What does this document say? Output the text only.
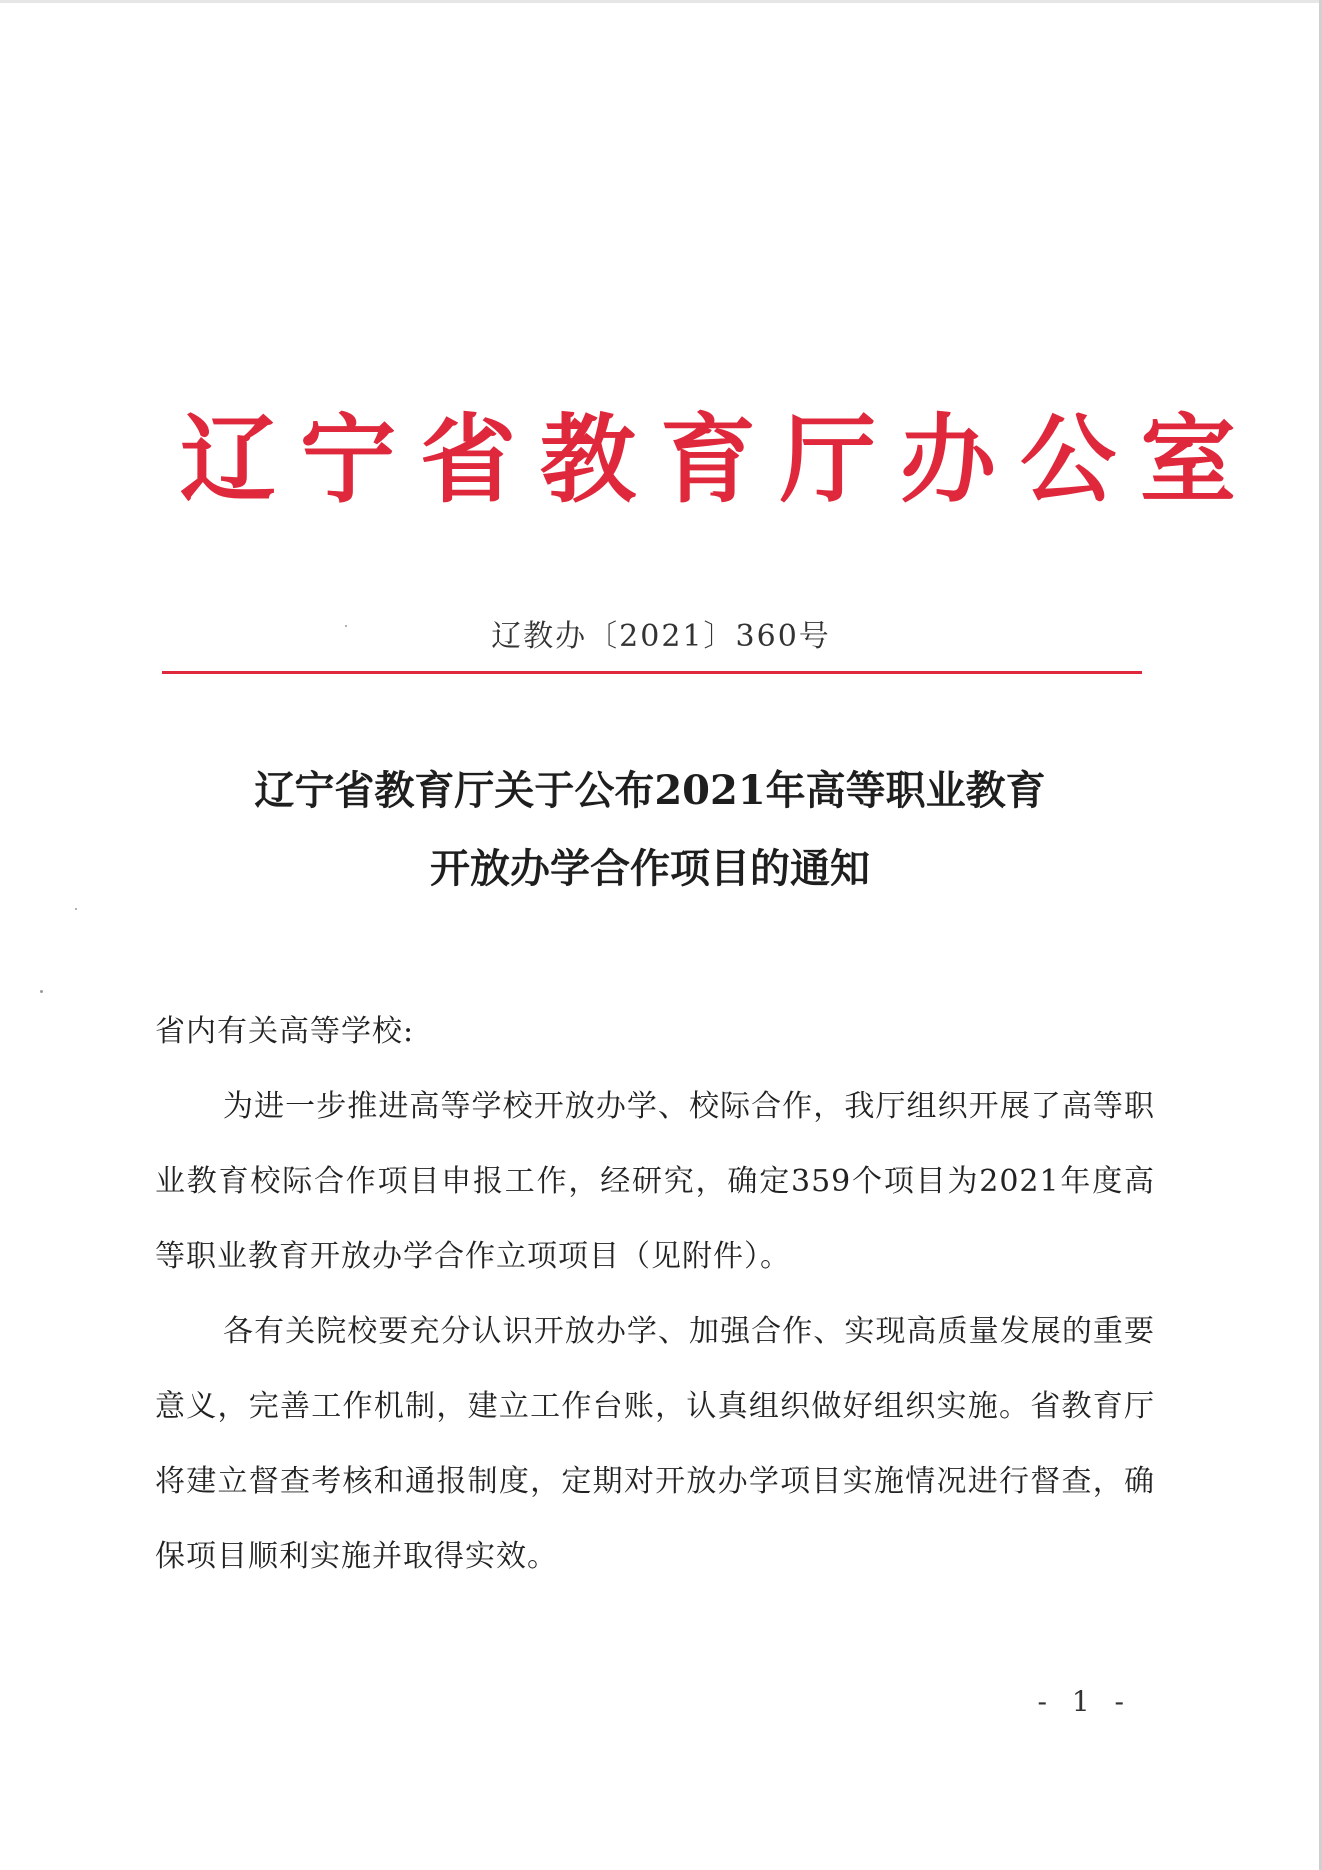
辽宁省教育厅办公室
辽教办〔2021〕360号
辽宁省教育厅关于公布2021年高等职业教育
开放办学合作项目的通知

省内有关高等学校:

为进一步推进高等学校开放办学、校际合作，我厅组织开展了高等职业教育校际合作项目申报工作，经研究，确定359个项目为2021年度高等职业教育开放办学合作立项项目（见附件）。

各有关院校要充分认识开放办学、加强合作、实现高质量发展的重要意义，完善工作机制，建立工作台账，认真组织做好组织实施。省教育厅将建立督查考核和通报制度，定期对开放办学项目实施情况进行督查，确保项目顺利实施并取得实效。

- 1 -
